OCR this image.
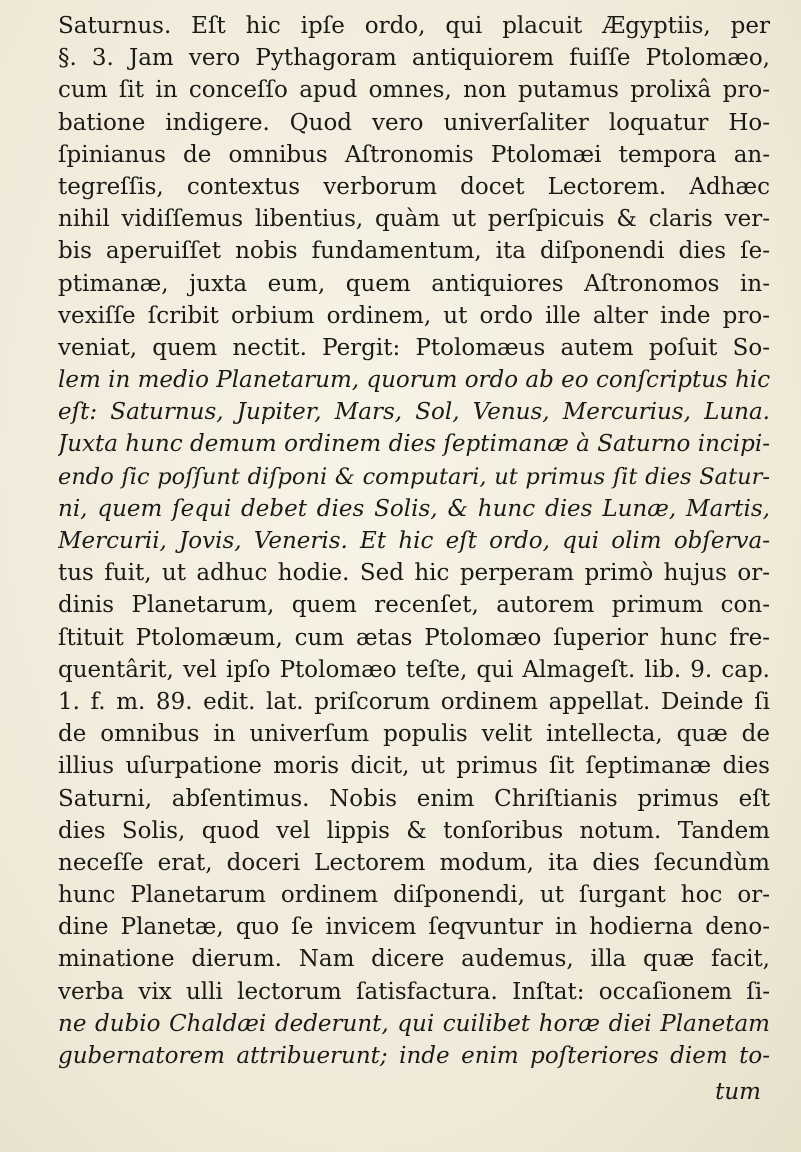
Saturnus. Eſt hic ipſe ordo, qui placuit Ægyptiis, per
§. 3. Jam vero Pythagoram antiquiorem fuiſſe Ptolomæo,
cum ſit in conceſſo apud omnes, non putamus prolixâ pro-
batione indigere. Quod vero univerſaliter loquatur Ho-
ſpinianus de omnibus Aſtronomis Ptolomæi tempora an-
tegreſſis, contextus verborum docet Lectorem. Adhæc
nihil vidiſſemus libentius, quàm ut perſpicuis & claris ver-
bis aperuiſſet nobis fundamentum, ita diſponendi dies ſe-
ptimanæ, juxta eum, quem antiquiores Aſtronomos in-
vexiſſe ſcribit orbium ordinem, ut ordo ille alter inde pro-
veniat, quem nectit. Pergit: Ptolomæus autem poſuit So-
lem in medio Planetarum, quorum ordo ab eo conſcriptus hic
eſt: Saturnus, Jupiter, Mars, Sol, Venus, Mercurius, Luna.
Juxta hunc demum ordinem dies ſeptimanæ à Saturno incipi-
endo ſic poſſunt diſponi & computari, ut primus ſit dies Satur-
ni, quem ſequi debet dies Solis, & hunc dies Lunæ, Martis,
Mercurii, Jovis, Veneris. Et hic eſt ordo, qui olim obſerva-
tus fuit, ut adhuc hodie. Sed hic perperam primò hujus or-
dinis Planetarum, quem recenſet, autorem primum con-
ſtituit Ptolomæum, cum ætas Ptolomæo ſuperior hunc fre-
quentârit, vel ipſo Ptolomæo teſte, qui Almageſt. lib. 9. cap.
1. f. m. 89. edit. lat. priſcorum ordinem appellat. Deinde ſi
de omnibus in univerſum populis velit intellecta, quæ de
illius uſurpatione moris dicit, ut primus ſit ſeptimanæ dies
Saturni, abſentimus. Nobis enim Chriſtianis primus eſt
dies Solis, quod vel lippis & tonſoribus notum. Tandem
neceſſe erat, doceri Lectorem modum, ita dies ſecundùm
hunc Planetarum ordinem diſponendi, ut ſurgant hoc or-
dine Planetæ, quo ſe invicem ſeqvuntur in hodierna deno-
minatione dierum. Nam dicere audemus, illa quæ facit,
verba vix ulli lectorum ſatisfactura. Inſtat: occaſionem ſi-
ne dubio Chaldæi dederunt, qui cuilibet horæ diei Planetam
gubernatorem attribuerunt; inde enim poſteriores diem to-
tum
